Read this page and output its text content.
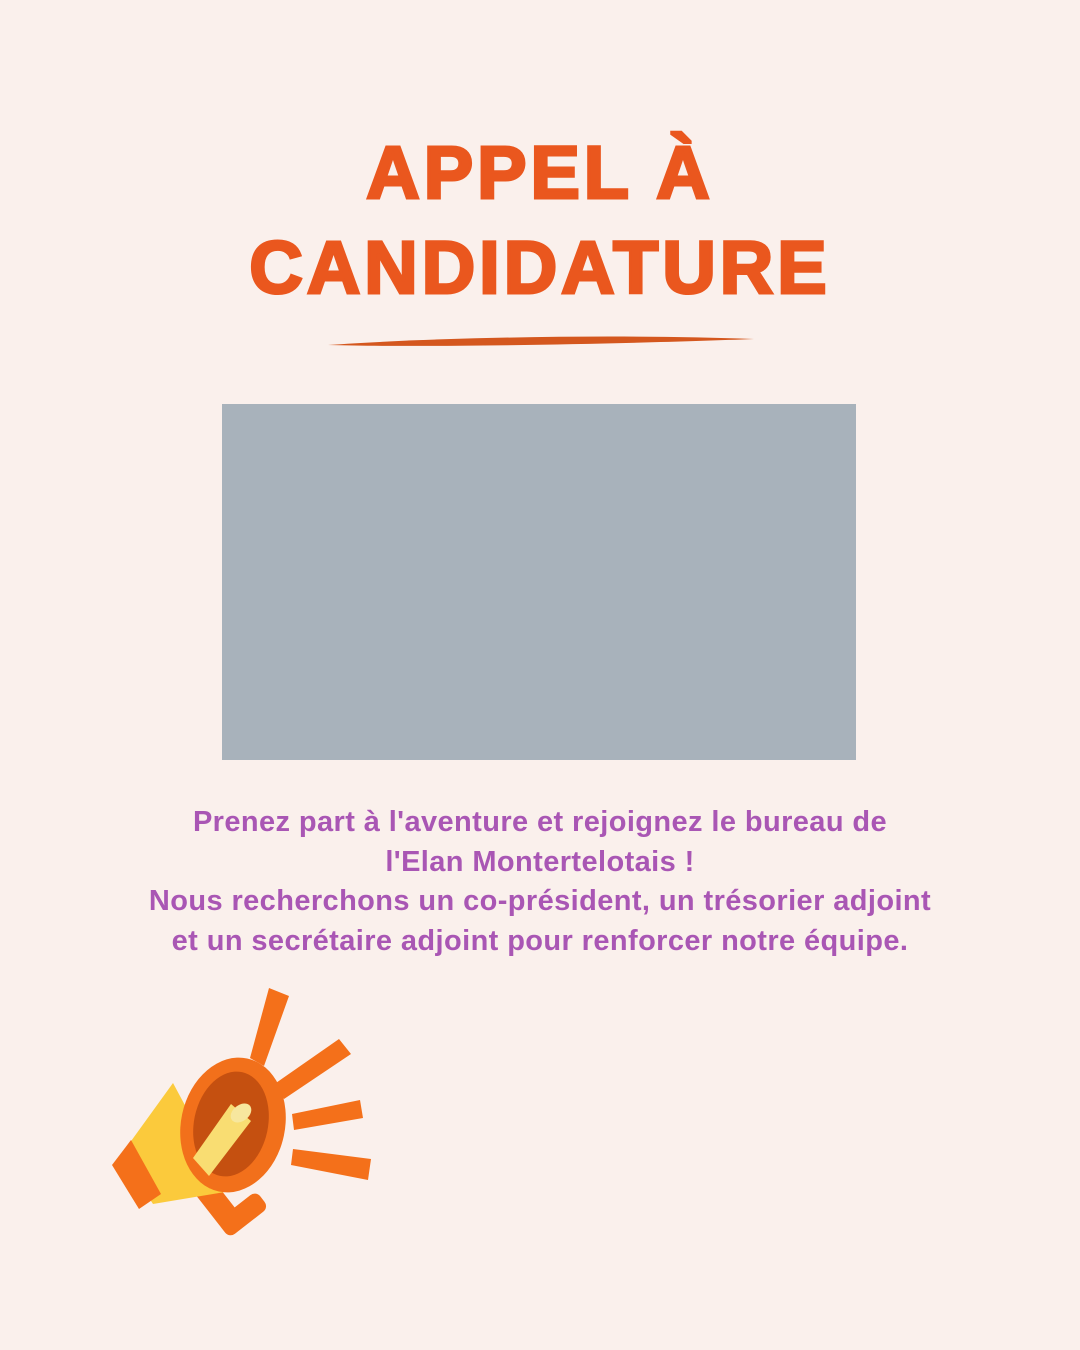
APPEL À
CANDIDATURE

Prenez part à l'aventure et rejoignez le bureau de

l'Elan Montertelotais !

Nous recherchons un co-président, un trésorier adjoint

et un secrétaire adjoint pour renforcer notre équipe.
